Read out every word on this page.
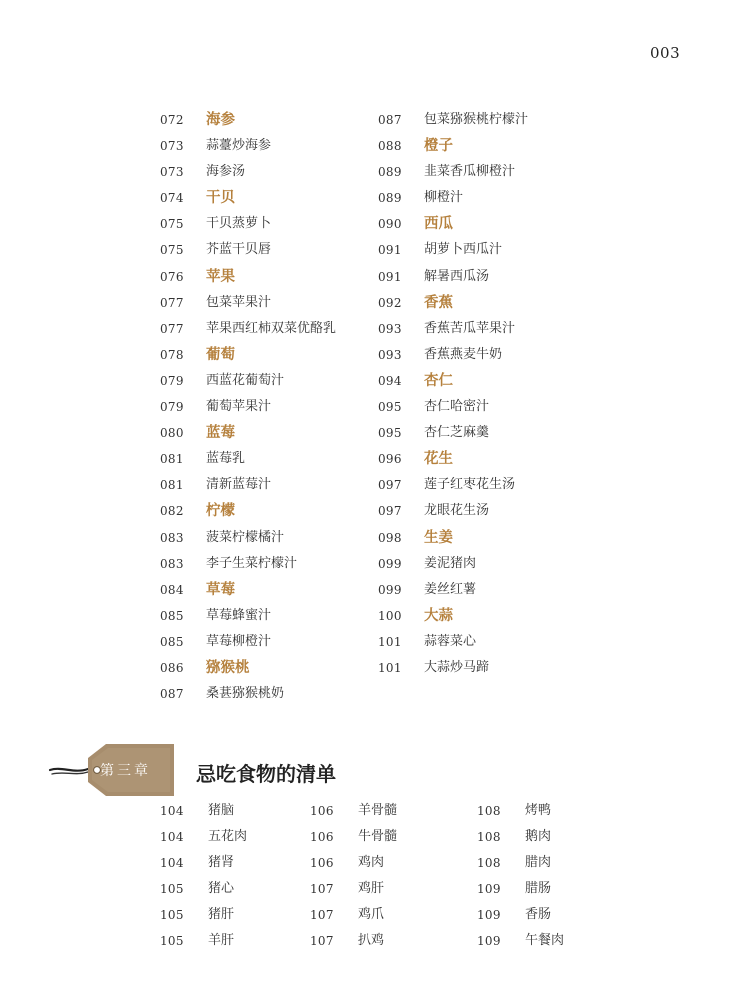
003
072	海参
073	蒜薹炒海参
073	海参汤
074	干贝
075	干贝蒸萝卜
075	芥蓝干贝唇
076	苹果
077	包菜苹果汁
077	苹果西红柿双菜优酪乳
078	葡萄
079	西蓝花葡萄汁
079	葡萄苹果汁
080	蓝莓
081	蓝莓乳
081	清新蓝莓汁
082	柠檬
083	菠菜柠檬橘汁
083	李子生菜柠檬汁
084	草莓
085	草莓蜂蜜汁
085	草莓柳橙汁
086	猕猴桃
087	桑葚猕猴桃奶
087	包菜猕猴桃柠檬汁
088	橙子
089	韭菜香瓜柳橙汁
089	柳橙汁
090	西瓜
091	胡萝卜西瓜汁
091	解暑西瓜汤
092	香蕉
093	香蕉苦瓜苹果汁
093	香蕉燕麦牛奶
094	杏仁
095	杏仁哈密汁
095	杏仁芝麻羹
096	花生
097	莲子红枣花生汤
097	龙眼花生汤
098	生姜
099	姜泥猪肉
099	姜丝红薯
100	大蒜
101	蒜蓉菜心
101	大蒜炒马蹄
第三章	忌吃食物的清单
104	猪脑
104	五花肉
104	猪肾
105	猪心
105	猪肝
105	羊肝
106	羊骨髓
106	牛骨髓
106	鸡肉
107	鸡肝
107	鸡爪
107	扒鸡
108	烤鸭
108	鹅肉
108	腊肉
109	腊肠
109	香肠
109	午餐肉
